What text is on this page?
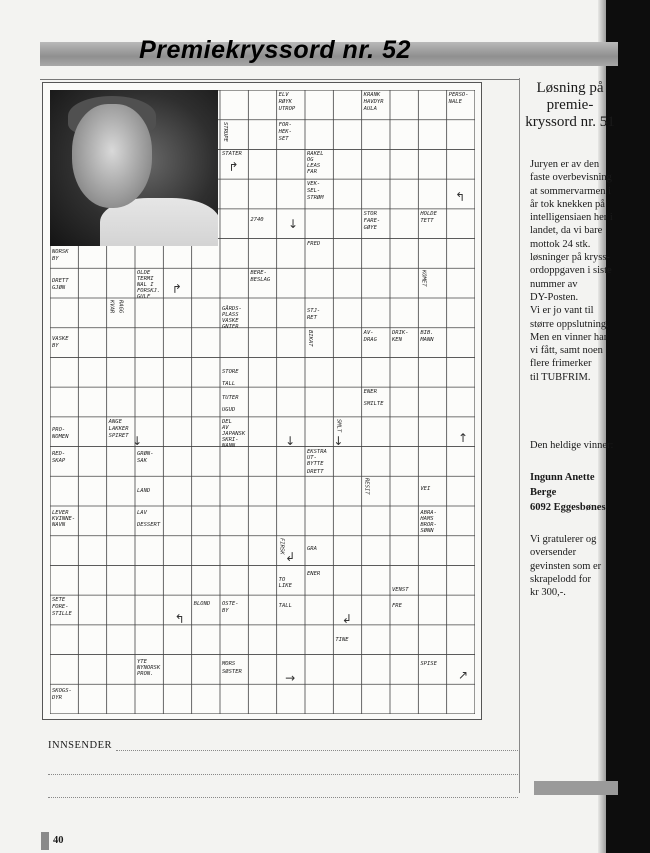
Premiekryssord nr. 52
ELV
RØYK
UTROP
KRANK
HAVDYR
AULA
PERSO-
NALE
FOR-
HEK-
SET
STATER	RAKEL
OG
LEAS
FAR
VEK-
SEL-
STRØM
2740
STOR
FARE-
GØYE
HOLDE
TETT
FRED
NORSK
BY
DRETT
GJØN
OLDE
TERMI
NAL I
FORSKJ.
GULF
BERE-
BESLAG
GÅRDS-
PLASS
VASKE
GNIER
STJ-
RET
VASKE
BY
AV-
DRAG
DRIK-
KEN
BIB.
MANN
STORE
TALL
TUTER
UGUD
ENER
SMILTE
ANGE
LAKKER
SPIRET
DEL
AV
JAPANSK
SKRI-
NANN
PRO-
NOMEN
EKSTRA
UT-
BYTTE
DRETT
RED-
SKAP
GRØN-
SAK
LAND	VEI
LEVER
KVINNE-
NAVN
LAV
DESSERT
ABRA-
HAMS
BROR-
SØNN
GRA
ENER
TO
LIKE
TALL
SETE
FORE-
STILLE
BLOND OSTE-
BY
VENST
FRE
TINE
YTE
NYNORSK
PRON.
MORS
SØSTER
SPISE
SKOGS-
DYR
STRUPE
KVAR RAGG
BIKAT
KOMET
SMLT
RESIT
FIRSK
↓
↓	↓	↓	↑
↱
↰
↱
↲
↲
↰
→	↗
Løsning på
premie-
kryssord nr. 51
Juryen er av den
faste overbevisning
at sommervarmen i
år tok knekken på
intelligensiaen her i
landet, da vi bare
mottok 24 stk.
løsninger på kryss-
ordoppgaven i siste
nummer av
DY-Posten.
Vi er jo vant til
større oppslutning.
Men en vinner har
vi fått, samt noen
flere frimerker
til TUBFRIM.
Den heldige vinner:
Ingunn Anette
Berge
6092 Eggesbønes
Vi gratulerer og
oversender
gevinsten som er
skrapelodd for
kr 300,-.
INNSENDER
40
